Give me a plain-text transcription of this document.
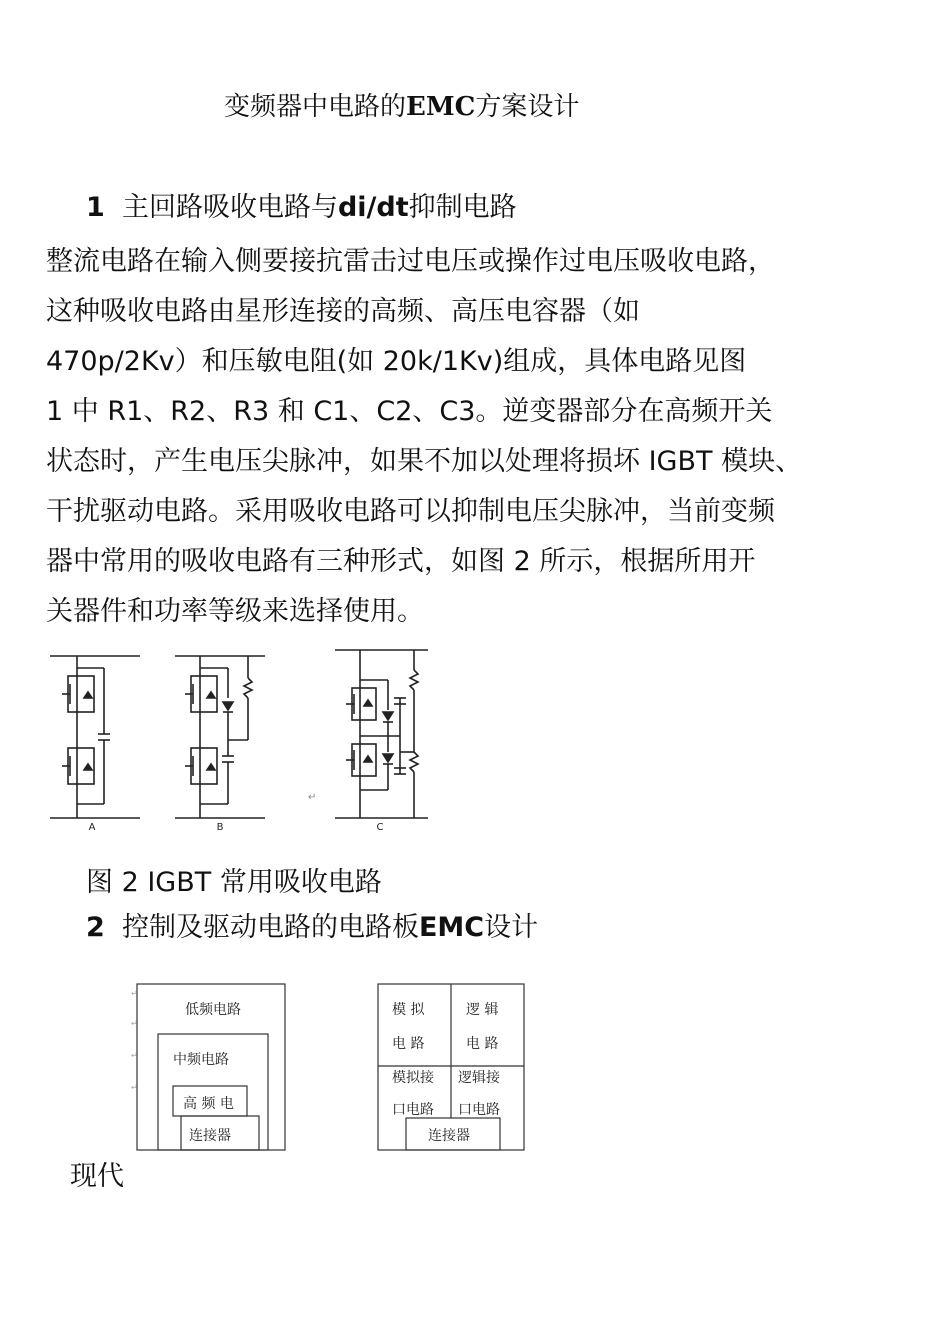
变频器中电路的EMC方案设计
1 主回路吸收电路与di/dt抑制电路
整流电路在输入侧要接抗雷击过电压或操作过电压吸收电路，
这种吸收电路由星形连接的高频、高压电容器（如
470p/2Kv）和压敏电阻(如 20k/1Kv)组成，具体电路见图
1 中 R1、R2、R3 和 C1、C2、C3。逆变器部分在高频开关
状态时，产生电压尖脉冲，如果不加以处理将损坏 IGBT 模块、
干扰驱动电路。采用吸收电路可以抑制电压尖脉冲，当前变频
器中常用的吸收电路有三种形式，如图 2 所示，根据所用开
关器件和功率等级来选择使用。
A	B	C
↵
图 2 IGBT 常用吸收电路
2 控制及驱动电路的电路板EMC设计
↵
↵
↵
↵
低频电路
中频电路
高 频 电
连接器
模 拟
电 路
逻 辑
电 路
模拟接
口电路
逻辑接
口电路
连接器
现代
